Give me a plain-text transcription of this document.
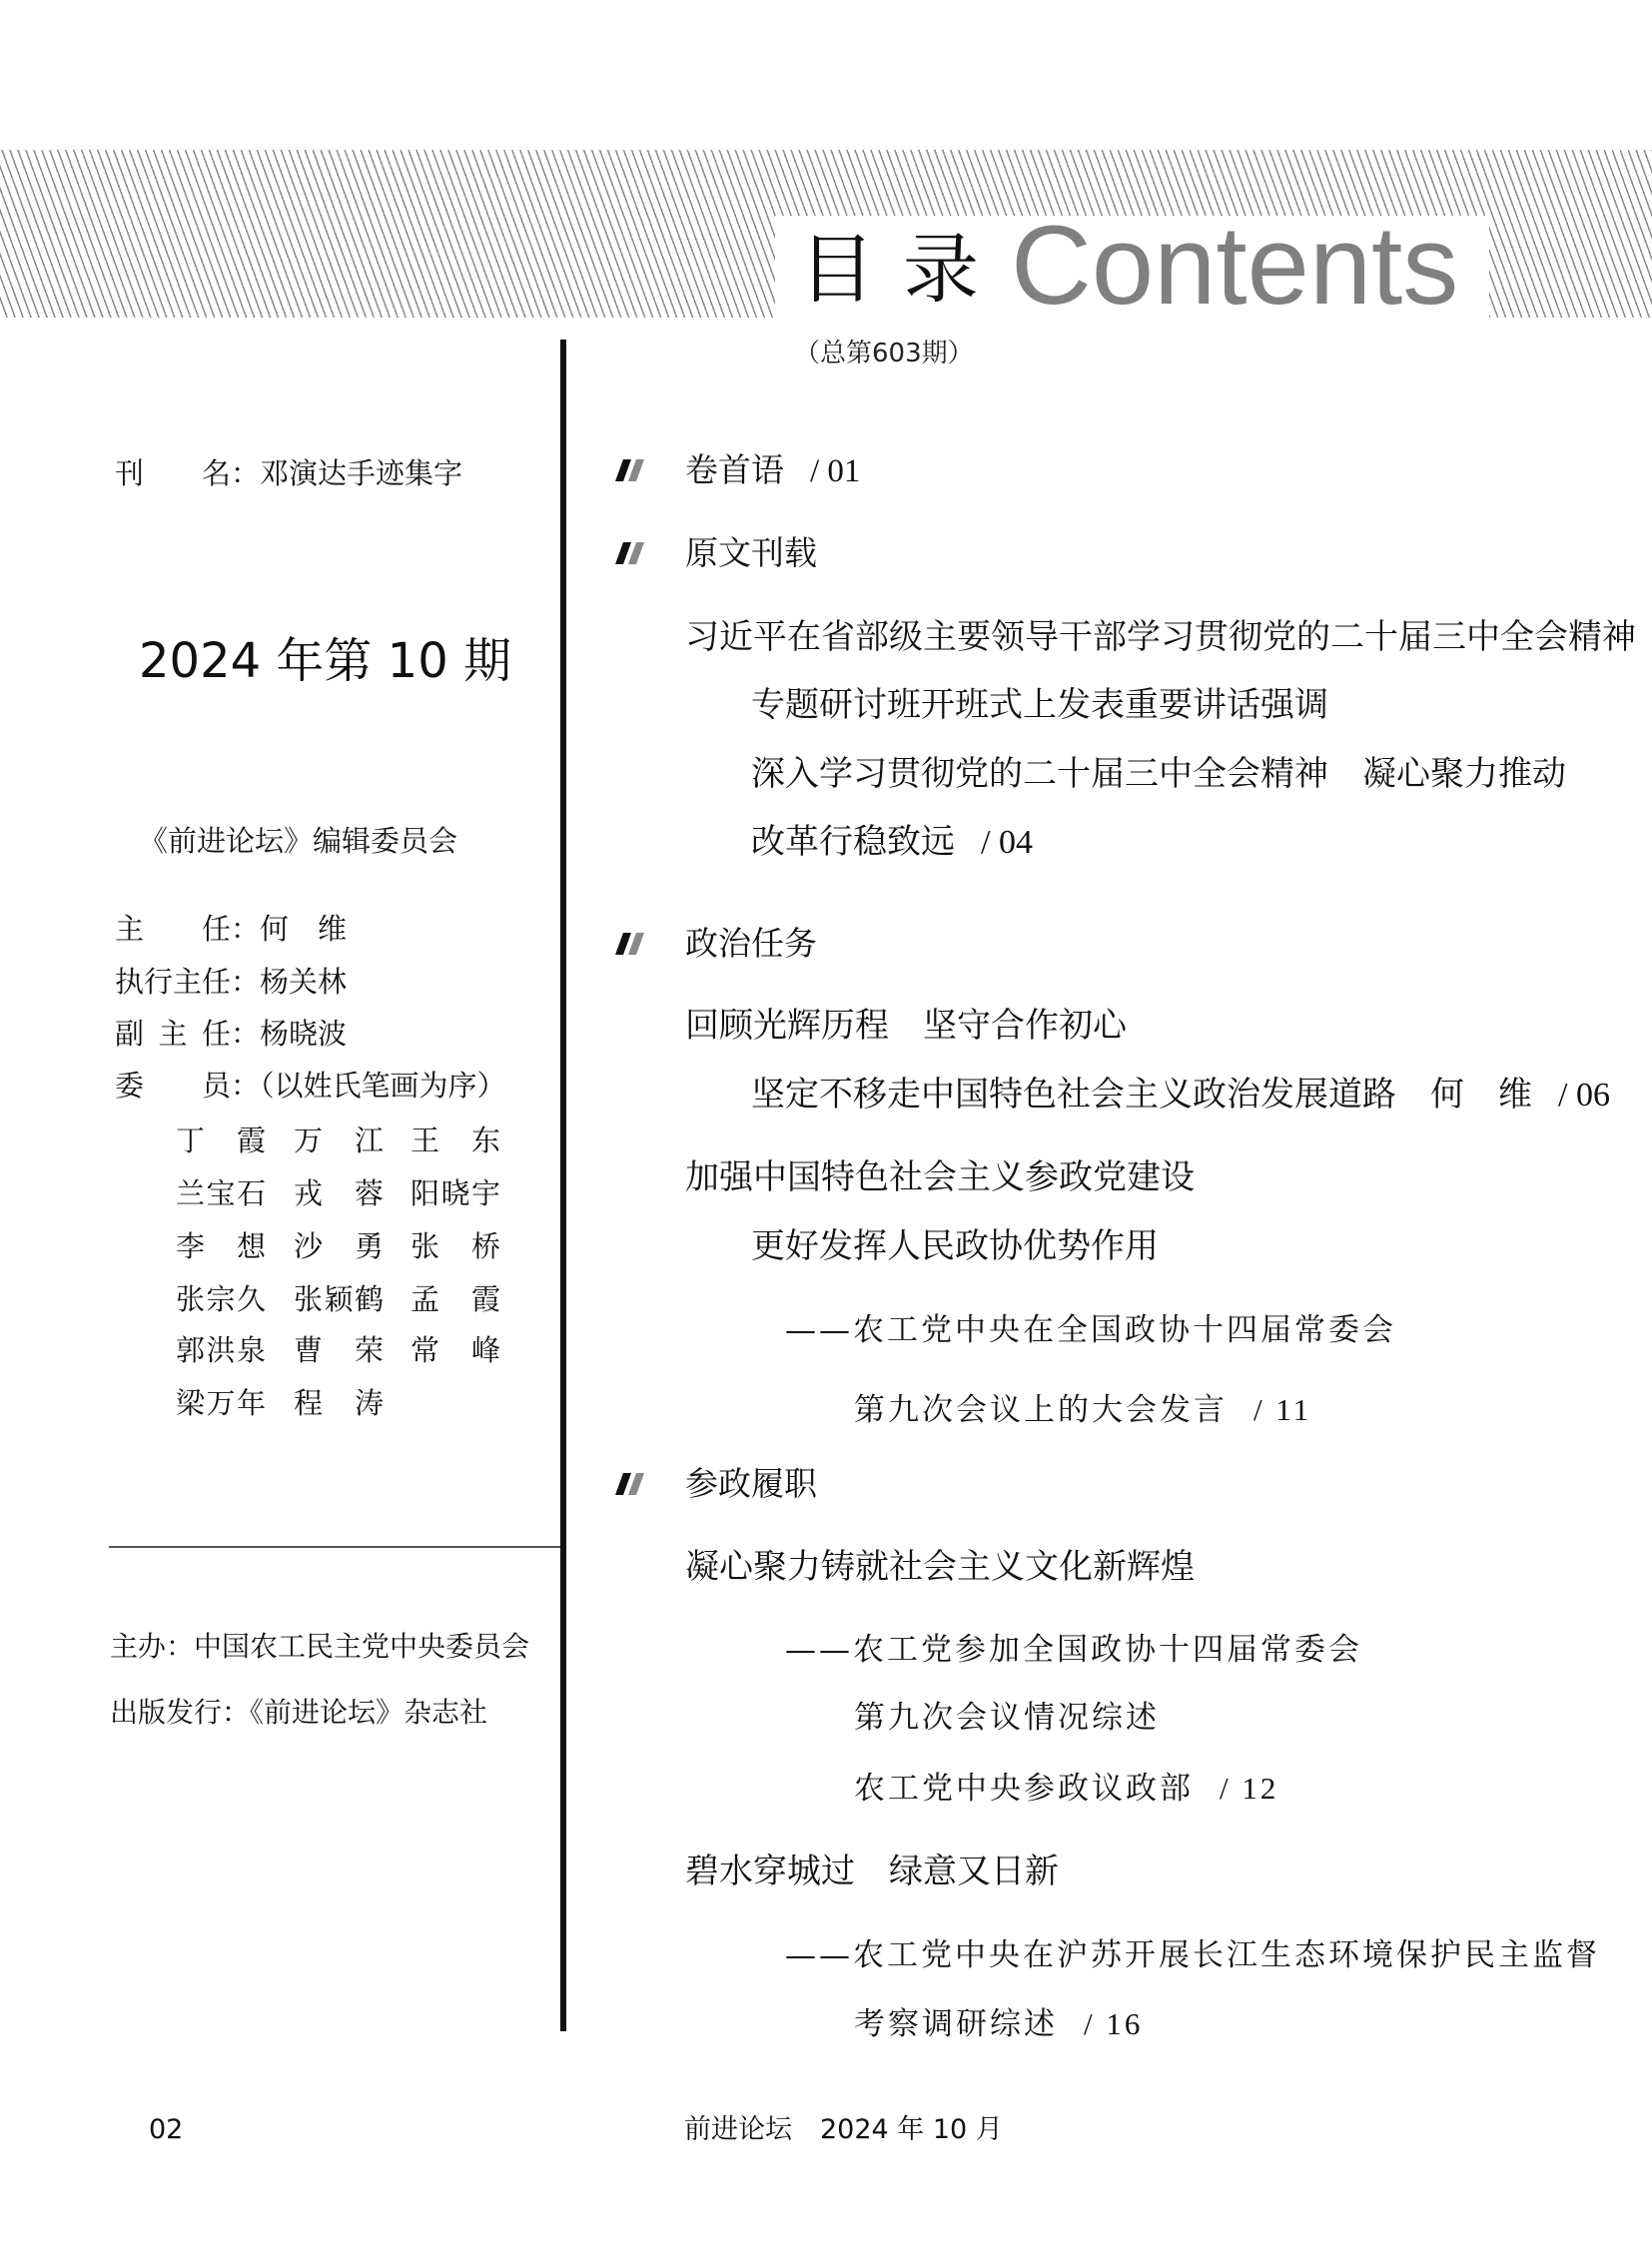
目录 Contents
（总第603期）
刊　　名：邓演达手迹集字
2024 年第 10 期
《前进论坛》编辑委员会
主任：何　维
执行主任：杨关林
副主任：杨晓波
委员：（以姓氏笔画为序）
丁霞 万江 王东
兰宝石 戎蓉 阳晓宇
李想 沙勇 张桥
张宗久 张颖鹤 孟霞
郭洪泉 曹荣 常峰
梁万年 程涛
主办：中国农工民主党中央委员会
出版发行：《前进论坛》杂志社
卷首语 / 01
原文刊载
政治任务
参政履职
习近平在省部级主要领导干部学习贯彻党的二十届三中全会精神
专题研讨班开班式上发表重要讲话强调
深入学习贯彻党的二十届三中全会精神　凝心聚力推动
改革行稳致远 / 04
回顾光辉历程　坚守合作初心
坚定不移走中国特色社会主义政治发展道路　何　维 / 06
加强中国特色社会主义参政党建设
更好发挥人民政协优势作用
——农工党中央在全国政协十四届常委会
第九次会议上的大会发言 / 11
凝心聚力铸就社会主义文化新辉煌
——农工党参加全国政协十四届常委会
第九次会议情况综述
农工党中央参政议政部 / 12
碧水穿城过　绿意又日新
——农工党中央在沪苏开展长江生态环境保护民主监督
考察调研综述 / 16
02	前进论坛 2024 年 10 月
